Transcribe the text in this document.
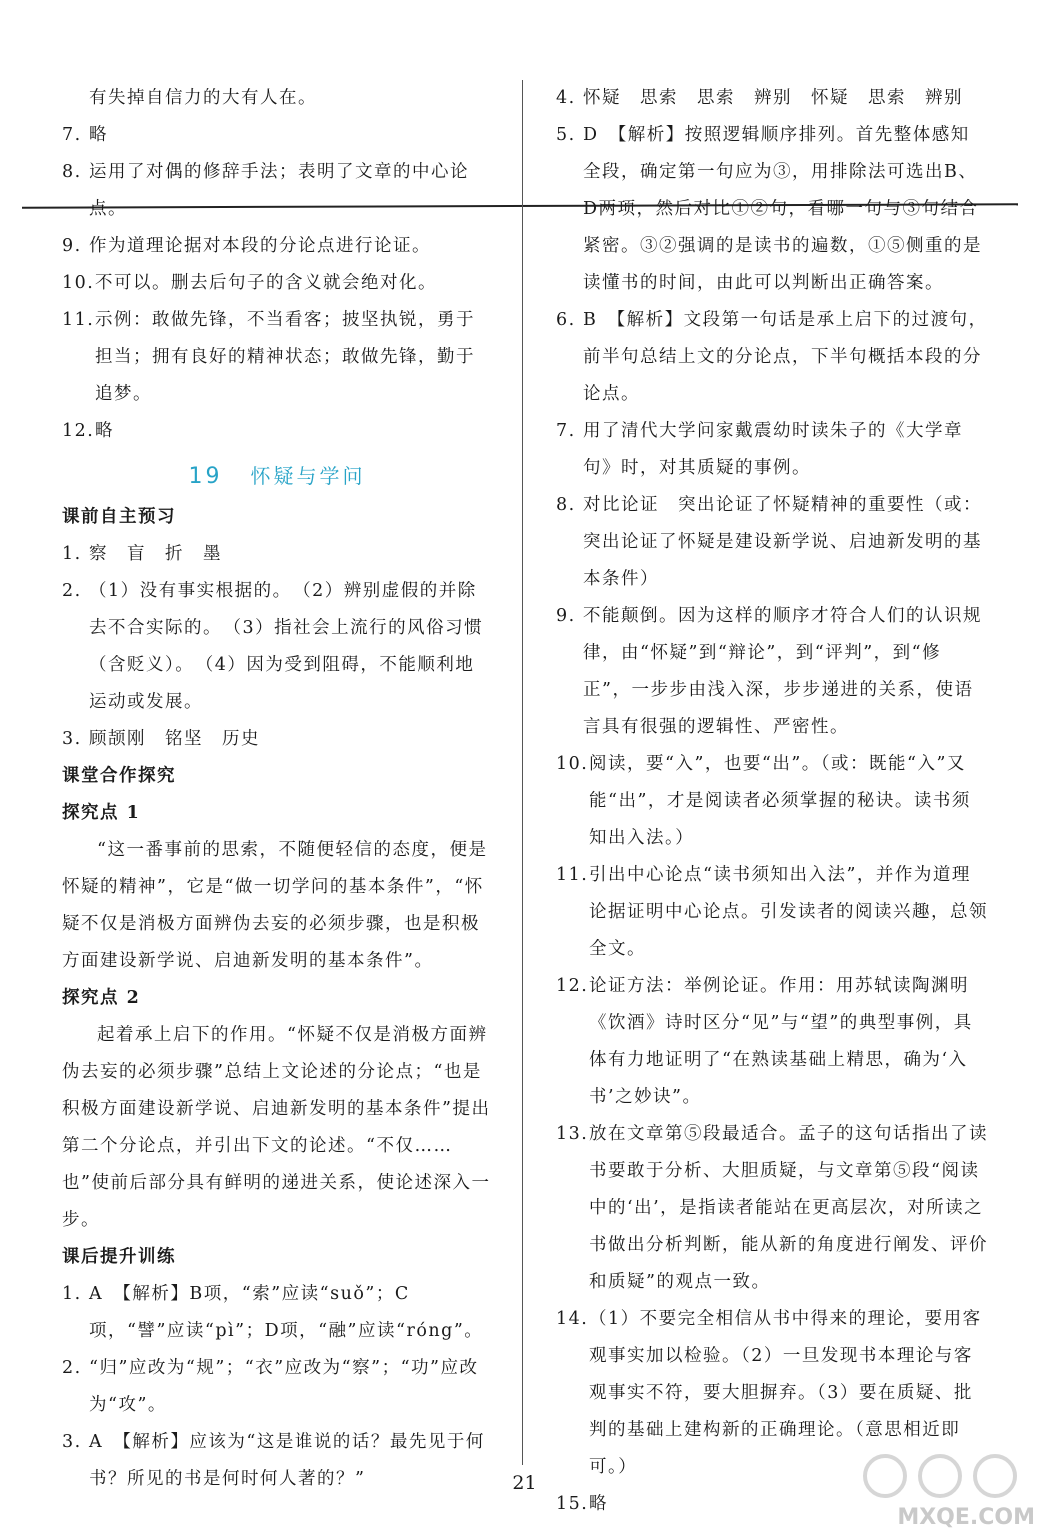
有失掉自信力的大有人在。

7. 略
8. 运用了对偶的修辞手法；表明了文章的中心论点。
9. 作为道理论据对本段的分论点进行论证。
10. 不可以。删去后句子的含义就会绝对化。
11. 示例：敢做先锋，不当看客；披坚执锐，勇于担当；拥有良好的精神状态；敢做先锋，勤于追梦。
12. 略
19 怀疑与学问

课前自主预习

1. 察　盲　折　墨
2. （1）没有事实根据的。　（2）辨别虚假的并除去不合实际的。　（3）指社会上流行的风俗习惯（含贬义）。　（4）因为受到阻碍，不能顺利地运动或发展。
3. 顾颉刚　铭坚　历史

课堂合作探究

探究点 1

“这一番事前的思索，不随便轻信的态度，便是怀疑的精神”，它是“做一切学问的基本条件”，“怀疑不仅是消极方面辨伪去妄的必须步骤，也是积极方面建设新学说、启迪新发明的基本条件”。

探究点 2

起着承上启下的作用。“怀疑不仅是消极方面辨伪去妄的必须步骤”总结上文论述的分论点；“也是积极方面建设新学说、启迪新发明的基本条件”提出第二个分论点，并引出下文的论述。“不仅……也”使前后部分具有鲜明的递进关系，使论述深入一步。

课后提升训练

1. A　【解析】B项，“索”应读“suǒ”；C项，“譬”应读“pì”；D项，“融”应读“róng”。
2. “归”应改为“规”；“衣”应改为“察”；“功”应改为“攻”。
3. A　【解析】应该为“这是谁说的话？最先见于何书？所见的书是何时何人著的？”
4. 怀疑　思索　思索　辨别　怀疑　思索　辨别
5. D　【解析】按照逻辑顺序排列。首先整体感知全段，确定第一句应为③，用排除法可选出B、D两项，然后对比①②句，看哪一句与③句结合紧密。③②强调的是读书的遍数，①⑤侧重的是读懂书的时间，由此可以判断出正确答案。
6. B　【解析】文段第一句话是承上启下的过渡句，前半句总结上文的分论点，下半句概括本段的分论点。
7. 用了清代大学问家戴震幼时读朱子的《大学章句》时，对其质疑的事例。
8. 对比论证　突出论证了怀疑精神的重要性（或：突出论证了怀疑是建设新学说、启迪新发明的基本条件）
9. 不能颠倒。因为这样的顺序才符合人们的认识规律，由“怀疑”到“辩论”，到“评判”，到“修正”，一步步由浅入深，步步递进的关系，使语言具有很强的逻辑性、严密性。
10. 阅读，要“入”，也要“出”。（或：既能“入”又能“出”，才是阅读者必须掌握的秘诀。读书须知出入法。）
11. 引出中心论点“读书须知出入法”，并作为道理论据证明中心论点。引发读者的阅读兴趣，总领全文。
12. 论证方法：举例论证。作用：用苏轼读陶渊明《饮酒》诗时区分“见”与“望”的典型事例，具体有力地证明了“在熟读基础上精思，确为‘入书’之妙诀”。
13. 放在文章第⑤段最适合。孟子的这句话指出了读书要敢于分析、大胆质疑，与文章第⑤段“阅读中的‘出’，是指读者能站在更高层次，对所读之书做出分析判断，能从新的角度进行阐发、评价和质疑”的观点一致。
14. （1）不要完全相信从书中得来的理论，要用客观事实加以检验。（2）一旦发现书本理论与客观事实不符，要大胆摒弃。（3）要在质疑、批判的基础上建构新的正确理论。（意思相近即可。）
15. 略
21
MXQE.COM
